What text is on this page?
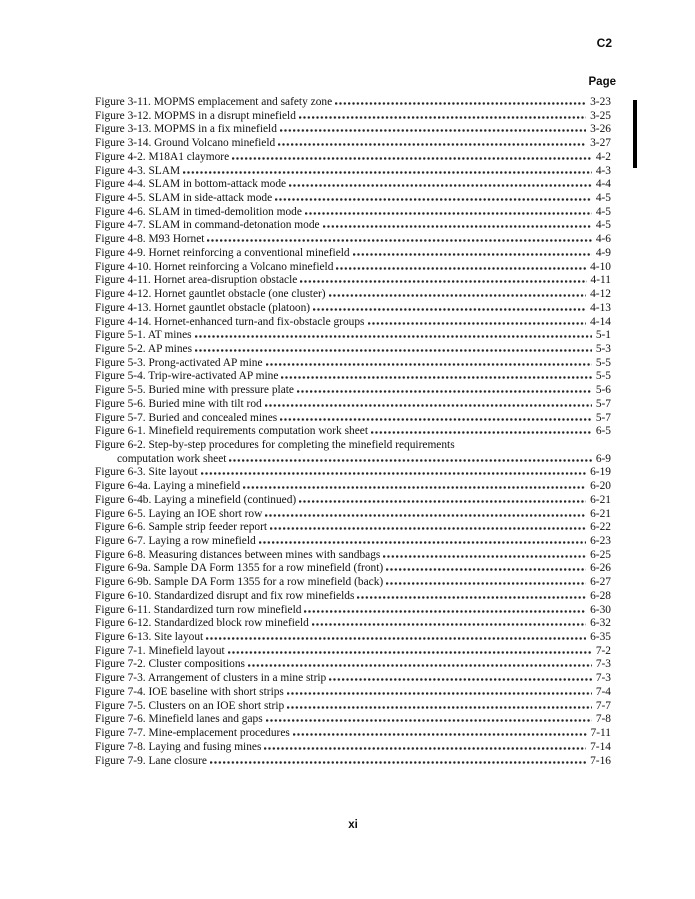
C2
Page
Figure 3-11. MOPMS emplacement and safety zone	3-23
Figure 3-12. MOPMS in a disrupt minefield	3-25
Figure 3-13. MOPMS in a fix minefield	3-26
Figure 3-14. Ground Volcano minefield	3-27
Figure 4-2. M18A1 claymore	4-2
Figure 4-3. SLAM	4-3
Figure 4-4. SLAM in bottom-attack mode	4-4
Figure 4-5. SLAM in side-attack mode	4-5
Figure 4-6. SLAM in timed-demolition mode	4-5
Figure 4-7. SLAM in command-detonation mode	4-5
Figure 4-8. M93 Hornet	4-6
Figure 4-9. Hornet reinforcing a conventional minefield	4-9
Figure 4-10. Hornet reinforcing a Volcano minefield	4-10
Figure 4-11. Hornet area-disruption obstacle	4-11
Figure 4-12. Hornet gauntlet obstacle (one cluster)	4-12
Figure 4-13. Hornet gauntlet obstacle (platoon)	4-13
Figure 4-14. Hornet-enhanced turn-and fix-obstacle groups	4-14
Figure 5-1. AT mines	5-1
Figure 5-2. AP mines	5-3
Figure 5-3. Prong-activated AP mine	5-5
Figure 5-4. Trip-wire-activated AP mine	5-5
Figure 5-5. Buried mine with pressure plate	5-6
Figure 5-6. Buried mine with tilt rod	5-7
Figure 5-7. Buried and concealed mines	5-7
Figure 6-1. Minefield requirements computation work sheet	6-5
Figure 6-2. Step-by-step procedures for completing the minefield requirements
computation work sheet	6-9
Figure 6-3. Site layout	6-19
Figure 6-4a. Laying a minefield	6-20
Figure 6-4b. Laying a minefield (continued)	6-21
Figure 6-5. Laying an IOE short row	6-21
Figure 6-6. Sample strip feeder report	6-22
Figure 6-7. Laying a row minefield	6-23
Figure 6-8. Measuring distances between mines with sandbags	6-25
Figure 6-9a. Sample DA Form 1355 for a row minefield (front)	6-26
Figure 6-9b. Sample DA Form 1355 for a row minefield (back)	6-27
Figure 6-10. Standardized disrupt and fix row minefields	6-28
Figure 6-11. Standardized turn row minefield	6-30
Figure 6-12. Standardized block row minefield	6-32
Figure 6-13. Site layout	6-35
Figure 7-1. Minefield layout	7-2
Figure 7-2. Cluster compositions	7-3
Figure 7-3. Arrangement of clusters in a mine strip	7-3
Figure 7-4. IOE baseline with short strips	7-4
Figure 7-5. Clusters on an IOE short strip	7-7
Figure 7-6. Minefield lanes and gaps	7-8
Figure 7-7. Mine-emplacement procedures	7-11
Figure 7-8. Laying and fusing mines	7-14
Figure 7-9. Lane closure	7-16
xi
